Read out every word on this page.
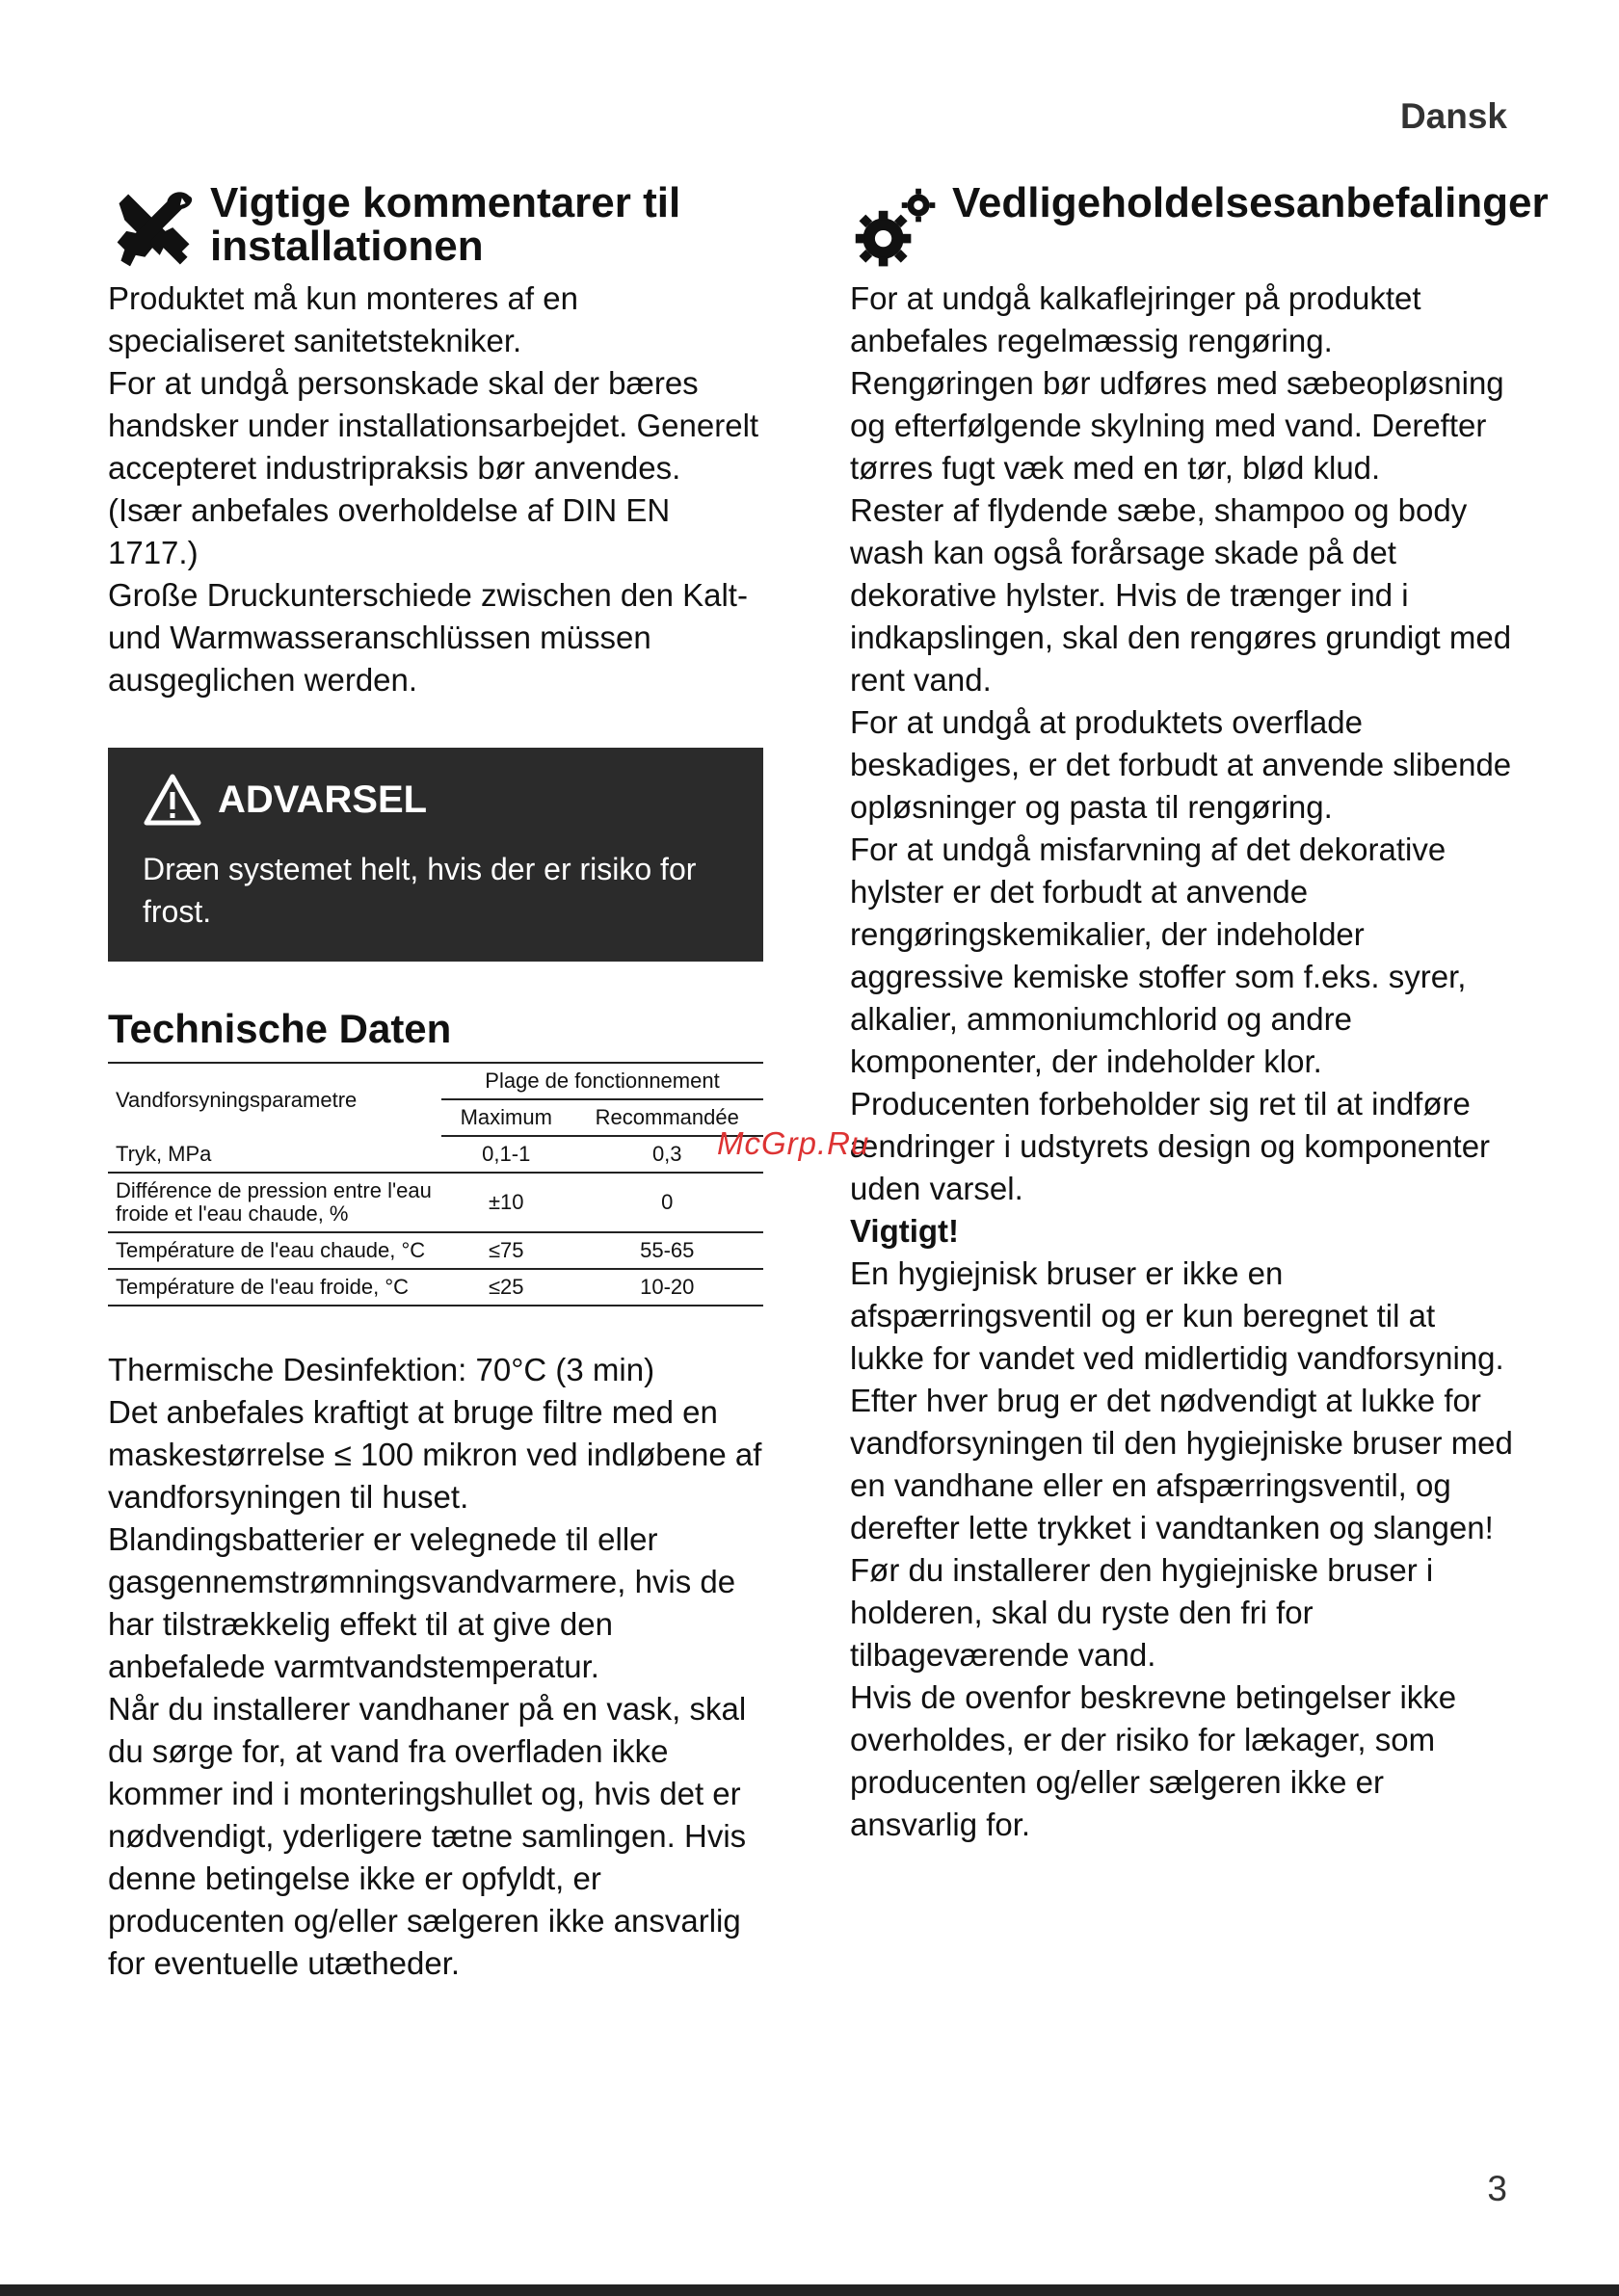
Dansk
Vigtige kommentarer til installationen

Produktet må kun monteres af en specialiseret sanitetstekniker.

For at undgå personskade skal der bæres handsker under installationsarbejdet. Generelt accepteret industripraksis bør anvendes. (Især anbefales overholdelse af DIN EN 1717.)

Große Druckunterschiede zwischen den Kalt- und Warmwasseranschlüssen müssen ausgeglichen werden.

ADVARSEL

Dræn systemet helt, hvis der er risiko for frost.

Technische Daten
Vandforsyningsparametre	Plage de fonctionnement	
	Maximum	Recommandée
Tryk, MPa	0,1-1	0,3
Différence de pression entre l'eau froide et l'eau chaude, %	±10	0
Température de l'eau chaude, °C	≤75	55-65
Température de l'eau froide, °C	≤25	10-20

Thermische Desinfektion: 70°C (3 min)

Det anbefales kraftigt at bruge filtre med en maskestørrelse ≤ 100 mikron ved indløbene af vandforsyningen til huset.

Blandingsbatterier er velegnede til eller gasgennemstrømningsvandvarmere, hvis de har tilstrækkelig effekt til at give den anbefalede varmtvandstemperatur.

Når du installerer vandhaner på en vask, skal du sørge for, at vand fra overfladen ikke kommer ind i monteringshullet og, hvis det er nødvendigt, yderligere tætne samlingen. Hvis denne betingelse ikke er opfyldt, er producenten og/eller sælgeren ikke ansvarlig for eventuelle utætheder.

Vedligeholdelsesanbefalinger

For at undgå kalkaflejringer på produktet anbefales regelmæssig rengøring.

Rengøringen bør udføres med sæbeopløsning og efterfølgende skylning med vand. Derefter tørres fugt væk med en tør, blød klud.

Rester af flydende sæbe, shampoo og body wash kan også forårsage skade på det dekorative hylster. Hvis de trænger ind i indkapslingen, skal den rengøres grundigt med rent vand.

For at undgå at produktets overflade beskadiges, er det forbudt at anvende slibende opløsninger og pasta til rengøring.

For at undgå misfarvning af det dekorative hylster er det forbudt at anvende rengøringskemikalier, der indeholder aggressive kemiske stoffer som f.eks. syrer, alkalier, ammoniumchlorid og andre komponenter, der indeholder klor.

Producenten forbeholder sig ret til at indføre ændringer i udstyrets design og komponenter uden varsel.

Vigtigt!

En hygiejnisk bruser er ikke en afspærringsventil og er kun beregnet til at lukke for vandet ved midlertidig vandforsyning. Efter hver brug er det nødvendigt at lukke for vandforsyningen til den hygiejniske bruser med en vandhane eller en afspærringsventil, og derefter lette trykket i vandtanken og slangen!

Før du installerer den hygiejniske bruser i holderen, skal du ryste den fri for tilbageværende vand.

Hvis de ovenfor beskrevne betingelser ikke overholdes, er der risiko for lækager, som producenten og/eller sælgeren ikke er ansvarlig for.

McGrp.Ru
3
